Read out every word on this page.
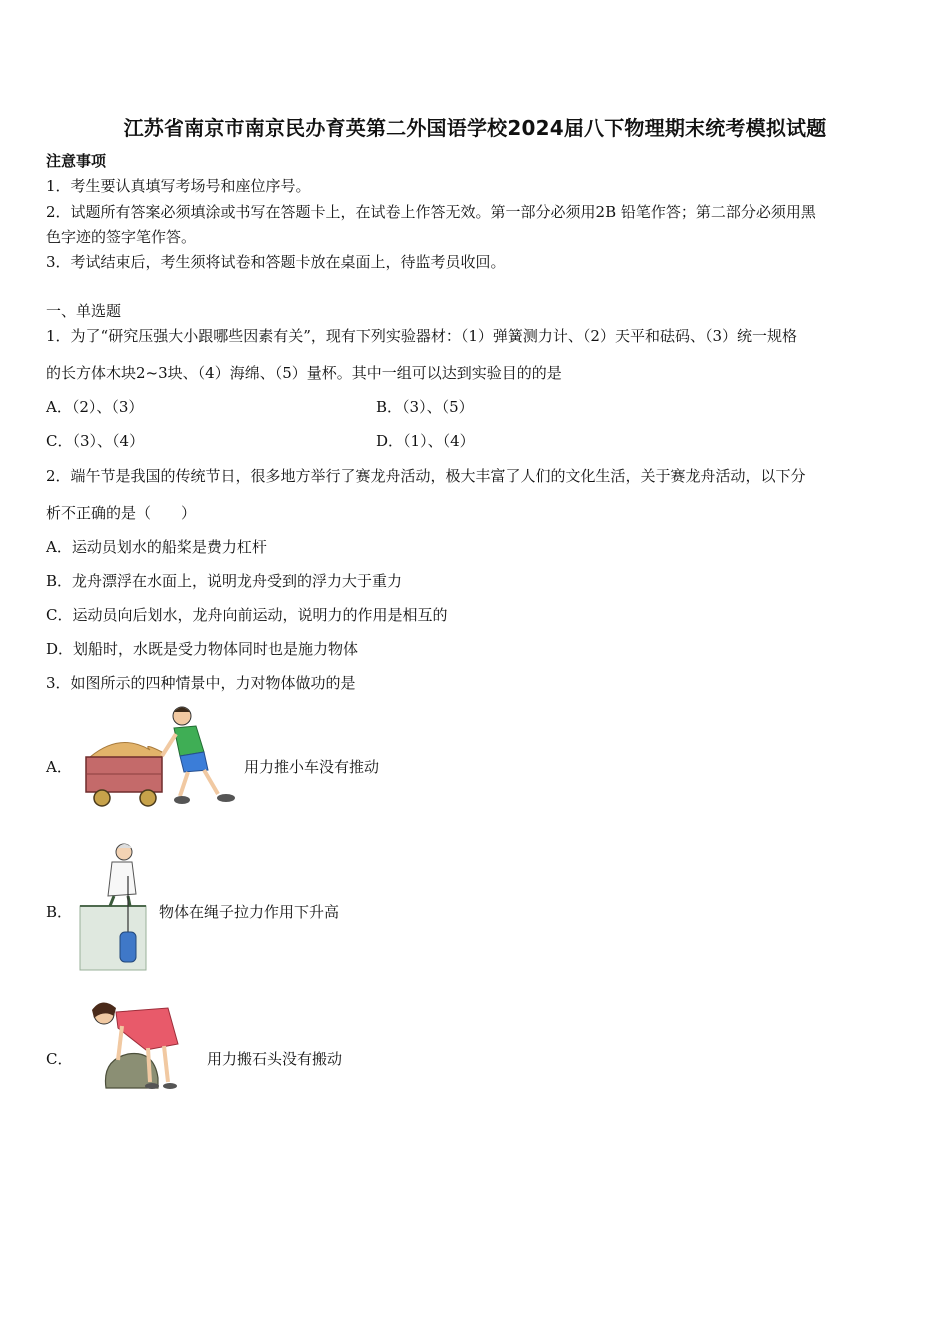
江苏省南京市南京民办育英第二外国语学校2024届八下物理期末统考模拟试题
注意事项
1．考生要认真填写考场号和座位序号。
2．试题所有答案必须填涂或书写在答题卡上，在试卷上作答无效。第一部分必须用2B 铅笔作答；第二部分必须用黑
色字迹的签字笔作答。
3．考试结束后，考生须将试卷和答题卡放在桌面上，待监考员收回。
一、单选题
1．为了“研究压强大小跟哪些因素有关”，现有下列实验器材：（1）弹簧测力计、（2）天平和砝码、（3）统一规格
的长方体木块2~3块、（4）海绵、（5）量杯。其中一组可以达到实验目的的是
A．（2）、（3）	B．（3）、（5）
C．（3）、（4）	D．（1）、（4）
2．端午节是我国的传统节日，很多地方举行了赛龙舟活动，极大丰富了人们的文化生活，关于赛龙舟活动，以下分
析不正确的是（　　）
A．运动员划水的船桨是费力杠杆
B．龙舟漂浮在水面上，说明龙舟受到的浮力大于重力
C．运动员向后划水，龙舟向前运动，说明力的作用是相互的
D．划船时，水既是受力物体同时也是施力物体
3．如图所示的四种情景中，力对物体做功的是
A．	用力推小车没有推动
B．	物体在绳子拉力作用下升高
C．	用力搬石头没有搬动
